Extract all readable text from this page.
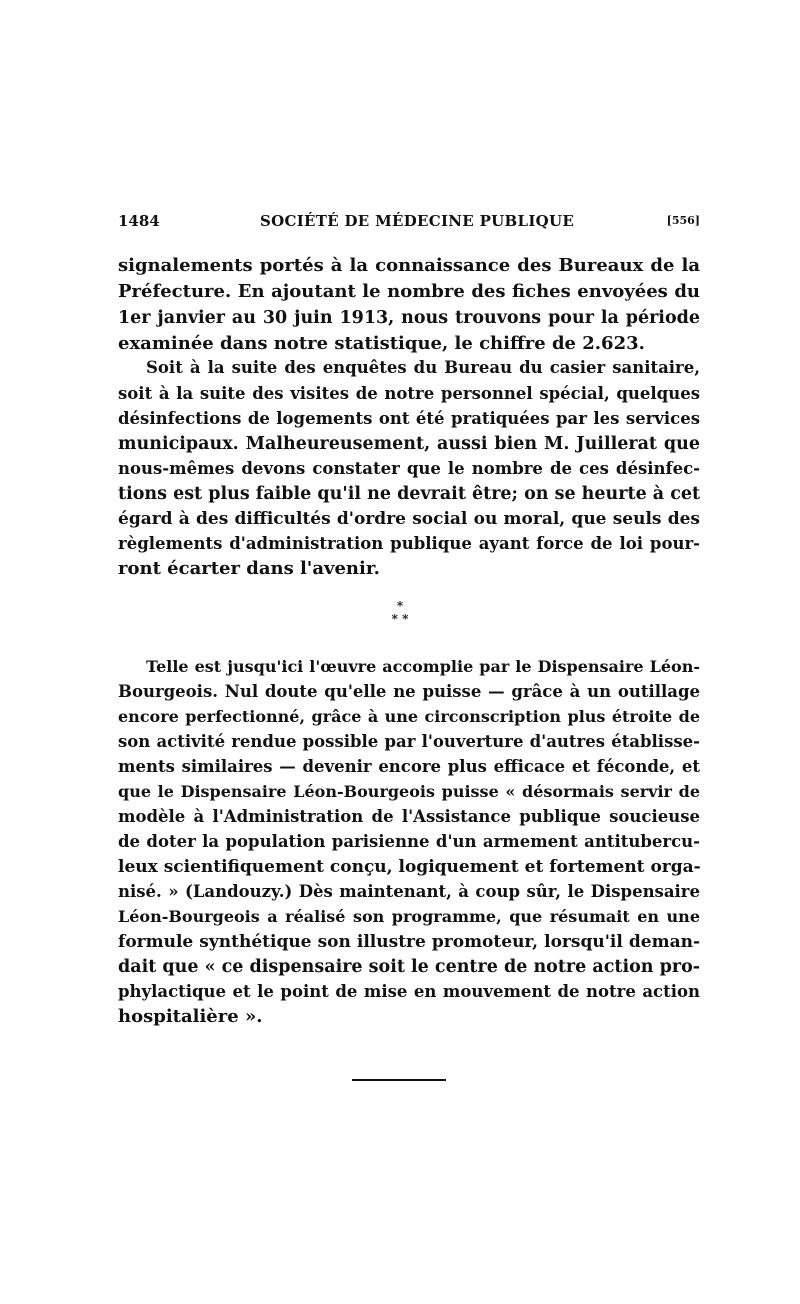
1484	SOCIÉTÉ DE MÉDECINE PUBLIQUE	[556]
signalements portés à la connaissance des Bureaux de la
Préfecture. En ajoutant le nombre des fiches envoyées du
1er janvier au 30 juin 1913, nous trouvons pour la période
examinée dans notre statistique, le chiffre de 2.623.
Soit à la suite des enquêtes du Bureau du casier sanitaire,
soit à la suite des visites de notre personnel spécial, quelques
désinfections de logements ont été pratiquées par les services
municipaux. Malheureusement, aussi bien M. Juillerat que
nous-mêmes devons constater que le nombre de ces désinfec-
tions est plus faible qu'il ne devrait être; on se heurte à cet
égard à des difficultés d'ordre social ou moral, que seuls des
règlements d'administration publique ayant force de loi pour-
ront écarter dans l'avenir.
*
* *
Telle est jusqu'ici l'œuvre accomplie par le Dispensaire Léon-
Bourgeois. Nul doute qu'elle ne puisse — grâce à un outillage
encore perfectionné, grâce à une circonscription plus étroite de
son activité rendue possible par l'ouverture d'autres établisse-
ments similaires — devenir encore plus efficace et féconde, et
que le Dispensaire Léon-Bourgeois puisse « désormais servir de
modèle à l'Administration de l'Assistance publique soucieuse
de doter la population parisienne d'un armement antitubercu-
leux scientifiquement conçu, logiquement et fortement orga-
nisé. » (Landouzy.) Dès maintenant, à coup sûr, le Dispensaire
Léon-Bourgeois a réalisé son programme, que résumait en une
formule synthétique son illustre promoteur, lorsqu'il deman-
dait que « ce dispensaire soit le centre de notre action pro-
phylactique et le point de mise en mouvement de notre action
hospitalière ».
